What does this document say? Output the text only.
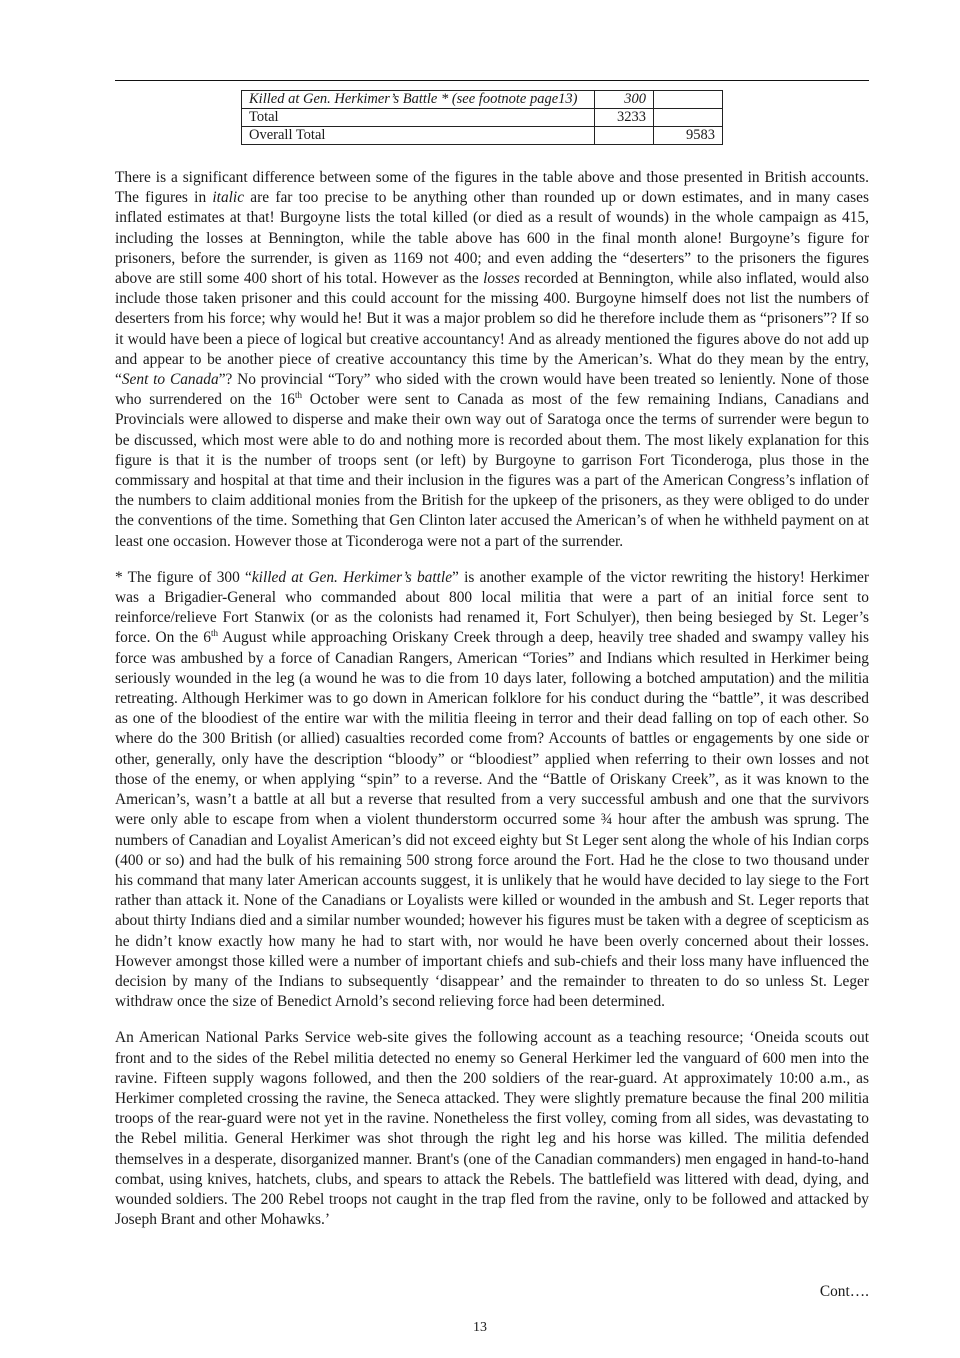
Killed at Gen. Herkimer’s Battle * (see footnote page13)	300	
Total	3233	
Overall Total		9583

There is a significant difference between some of the figures in the table above and those presented in British accounts. The figures in italic are far too precise to be anything other than rounded up or down estimates, and in many cases inflated estimates at that! Burgoyne lists the total killed (or died as a result of wounds) in the whole campaign as 415, including the losses at Bennington, while the table above has 600 in the final month alone! Burgoyne’s figure for prisoners, before the surrender, is given as 1169 not 400; and even adding the “deserters” to the prisoners the figures above are still some 400 short of his total. However as the losses recorded at Bennington, while also inflated, would also include those taken prisoner and this could account for the missing 400. Burgoyne himself does not list the numbers of deserters from his force; why would he! But it was a major problem so did he therefore include them as “prisoners”? If so it would have been a piece of logical but creative accountancy! And as already mentioned the figures above do not add up and appear to be another piece of creative accountancy this time by the American’s. What do they mean by the entry, “Sent to Canada”? No provincial “Tory” who sided with the crown would have been treated so leniently. None of those who surrendered on the 16th October were sent to Canada as most of the few remaining Indians, Canadians and Provincials were allowed to disperse and make their own way out of Saratoga once the terms of surrender were begun to be discussed, which most were able to do and nothing more is recorded about them. The most likely explanation for this figure is that it is the number of troops sent (or left) by Burgoyne to garrison Fort Ticonderoga, plus those in the commissary and hospital at that time and their inclusion in the figures was a part of the American Congress’s inflation of the numbers to claim additional monies from the British for the upkeep of the prisoners, as they were obliged to do under the conventions of the time. Something that Gen Clinton later accused the American’s of when he withheld payment on at least one occasion. However those at Ticonderoga were not a part of the surrender.

* The figure of 300 “killed at Gen. Herkimer’s battle” is another example of the victor rewriting the history! Herkimer was a Brigadier-General who commanded about 800 local militia that were a part of an initial force sent to reinforce/relieve Fort Stanwix (or as the colonists had renamed it, Fort Schulyer), then being besieged by St. Leger’s force. On the 6th August while approaching Oriskany Creek through a deep, heavily tree shaded and swampy valley his force was ambushed by a force of Canadian Rangers, American “Tories” and Indians which resulted in Herkimer being seriously wounded in the leg (a wound he was to die from 10 days later, following a botched amputation) and the militia retreating. Although Herkimer was to go down in American folklore for his conduct during the “battle”, it was described as one of the bloodiest of the entire war with the militia fleeing in terror and their dead falling on top of each other. So where do the 300 British (or allied) casualties recorded come from? Accounts of battles or engagements by one side or other, generally, only have the description “bloody” or “bloodiest” applied when referring to their own losses and not those of the enemy, or when applying “spin” to a reverse. And the “Battle of Oriskany Creek”, as it was known to the American’s, wasn’t a battle at all but a reverse that resulted from a very successful ambush and one that the survivors were only able to escape from when a violent thunderstorm occurred some ¾ hour after the ambush was sprung. The numbers of Canadian and Loyalist American’s did not exceed eighty but St Leger sent along the whole of his Indian corps (400 or so) and had the bulk of his remaining 500 strong force around the Fort. Had he the close to two thousand under his command that many later American accounts suggest, it is unlikely that he would have decided to lay siege to the Fort rather than attack it. None of the Canadians or Loyalists were killed or wounded in the ambush and St. Leger reports that about thirty Indians died and a similar number wounded; however his figures must be taken with a degree of scepticism as he didn’t know exactly how many he had to start with, nor would he have been overly concerned about their losses. However amongst those killed were a number of important chiefs and sub-chiefs and their loss many have influenced the decision by many of the Indians to subsequently ‘disappear’ and the remainder to threaten to do so unless St. Leger withdraw once the size of Benedict Arnold’s second relieving force had been determined.

An American National Parks Service web-site gives the following account as a teaching resource; ‘Oneida scouts out front and to the sides of the Rebel militia detected no enemy so General Herkimer led the vanguard of 600 men into the ravine. Fifteen supply wagons followed, and then the 200 soldiers of the rear-guard. At approximately 10:00 a.m., as Herkimer completed crossing the ravine, the Seneca attacked. They were slightly premature because the final 200 militia troops of the rear-guard were not yet in the ravine. Nonetheless the first volley, coming from all sides, was devastating to the Rebel militia. General Herkimer was shot through the right leg and his horse was killed. The militia defended themselves in a desperate, disorganized manner. Brant's (one of the Canadian commanders) men engaged in hand-to-hand combat, using knives, hatchets, clubs, and spears to attack the Rebels. The battlefield was littered with dead, dying, and wounded soldiers. The 200 Rebel troops not caught in the trap fled from the ravine, only to be followed and attacked by Joseph Brant and other Mohawks.’

Cont….
13
